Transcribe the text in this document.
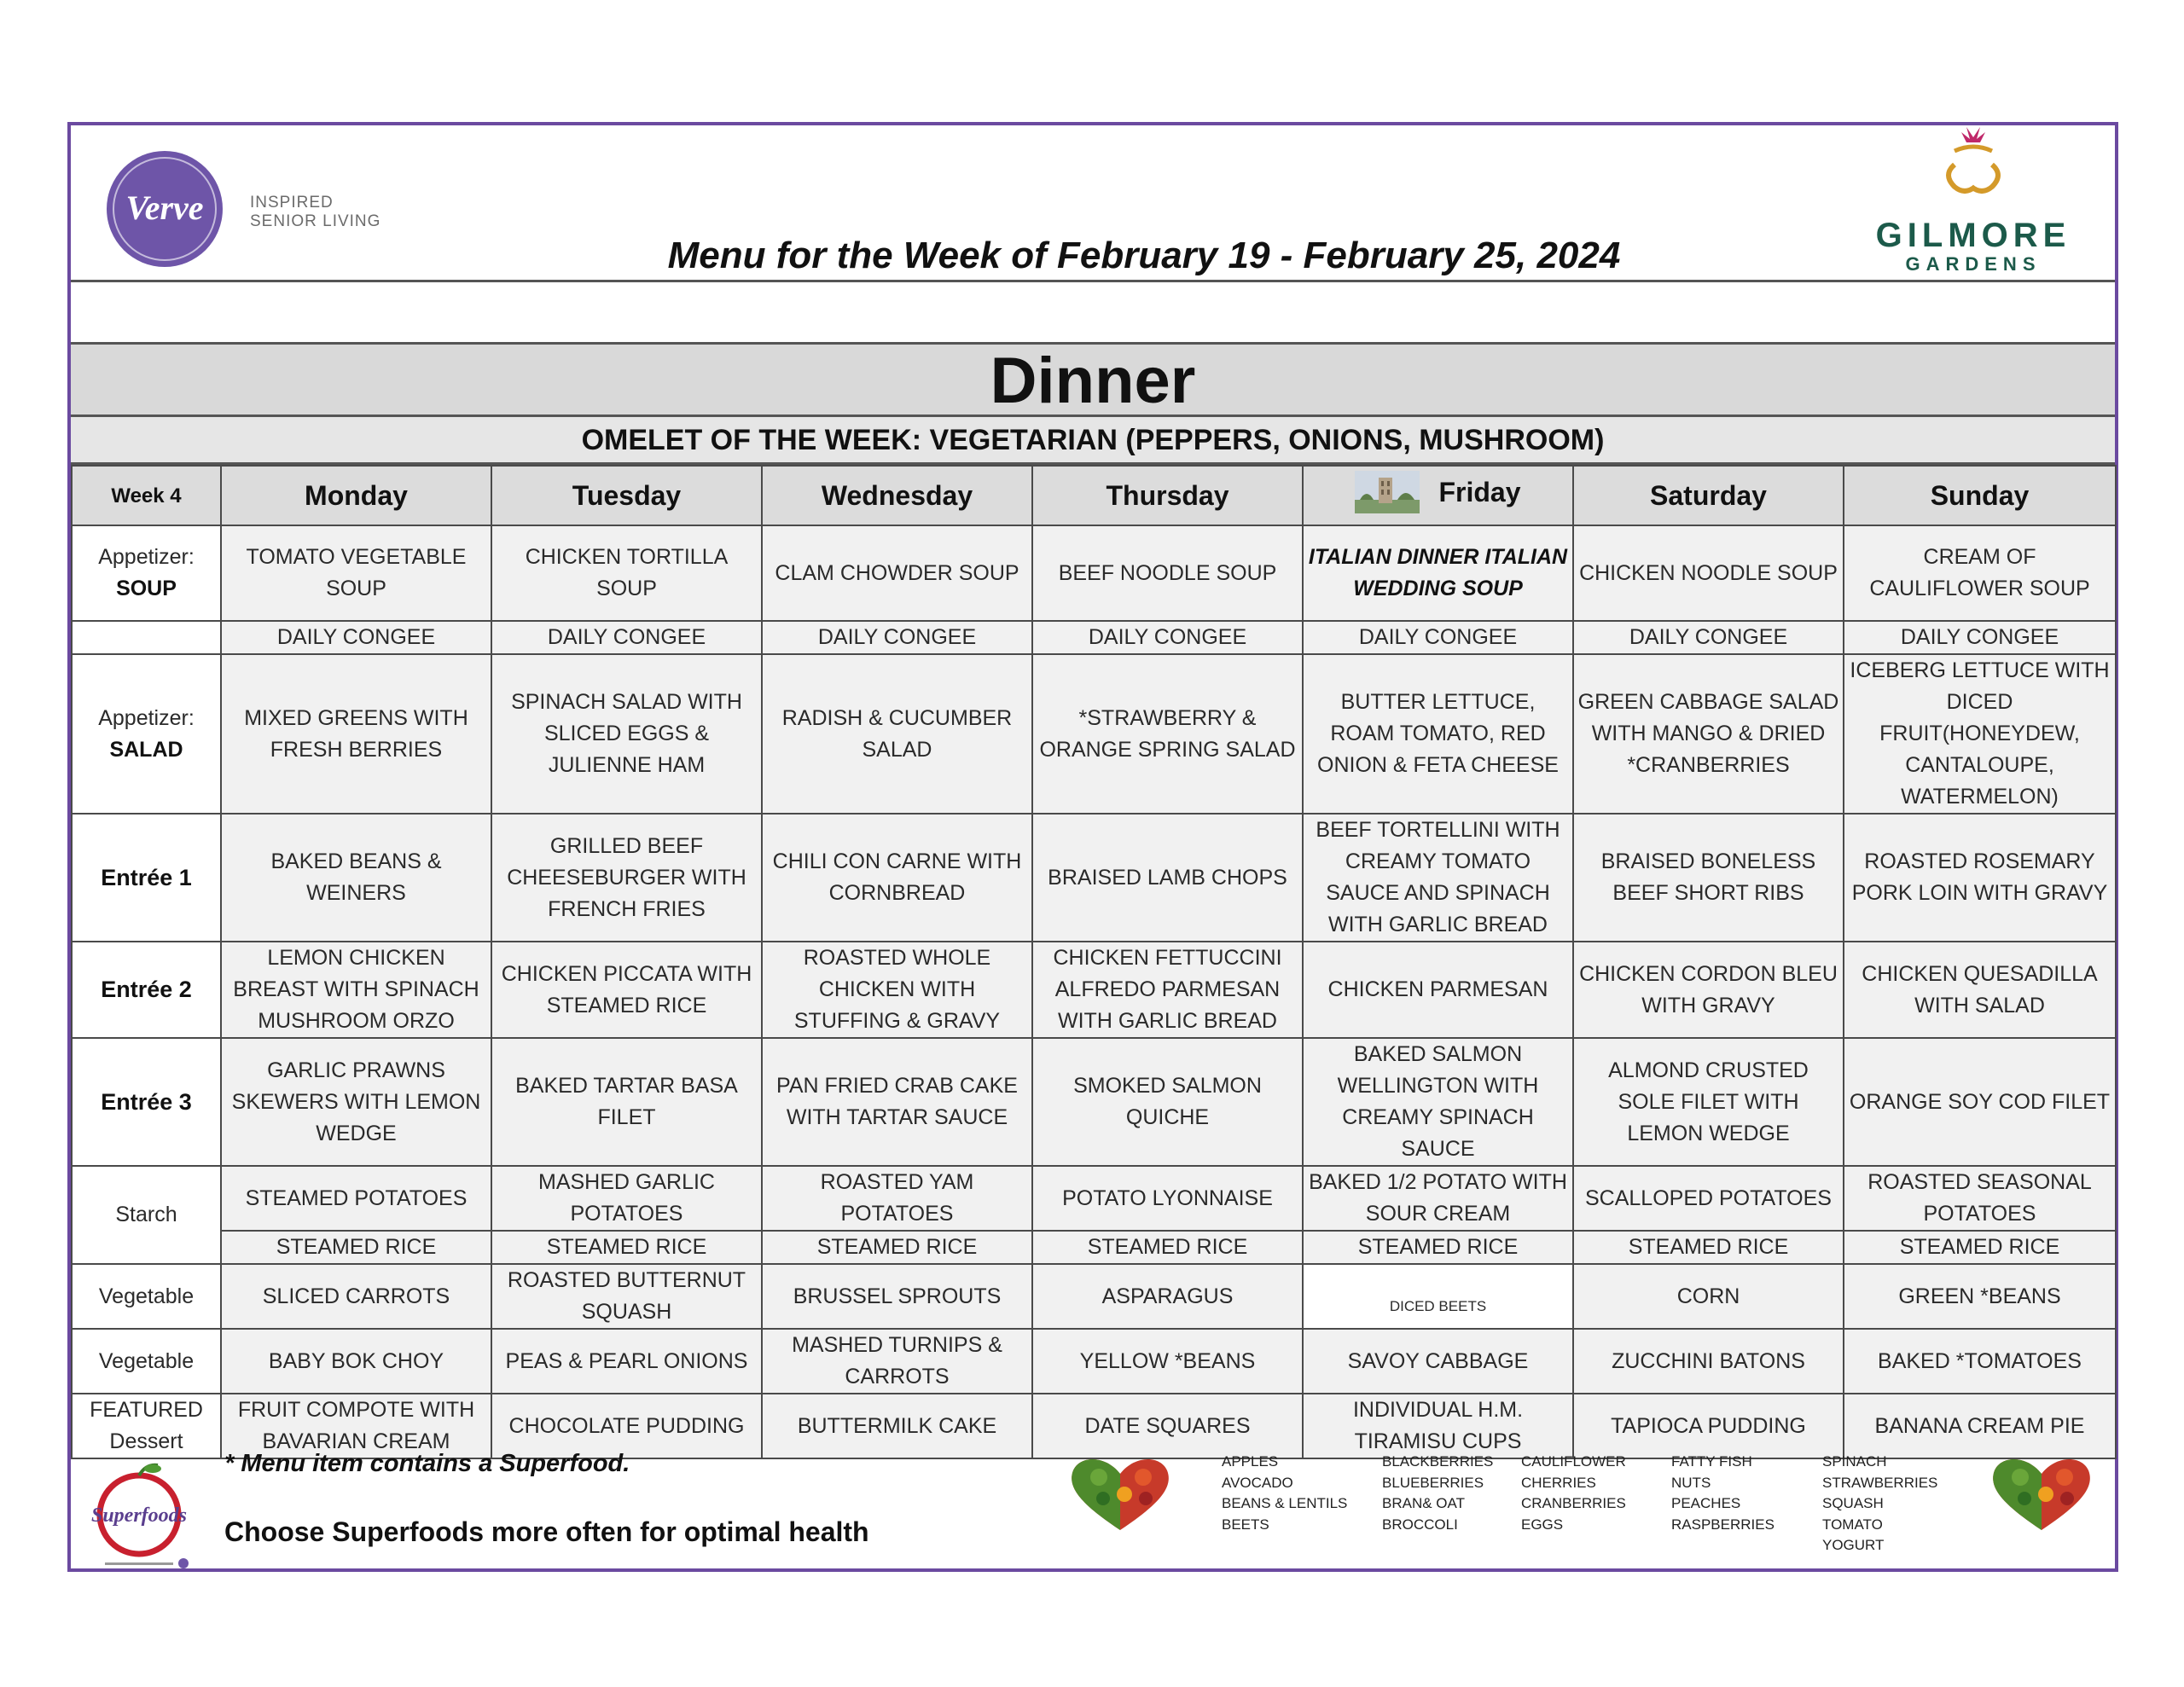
Verve	INSPIRED
SENIOR LIVING
Menu for the Week of February 19 - February 25, 2024	GILMORE
GARDENS
Dinner
OMELET OF THE WEEK: VEGETARIAN (PEPPERS, ONIONS, MUSHROOM)
Week 4	Monday	Tuesday	Wednesday	Thursday	Friday	Saturday	Sunday

Appetizer:
SOUP	TOMATO VEGETABLE SOUP	CHICKEN TORTILLA SOUP	CLAM CHOWDER SOUP	BEEF NOODLE SOUP	ITALIAN DINNER ITALIAN WEDDING SOUP	CHICKEN NOODLE SOUP	CREAM OF CAULIFLOWER SOUP
	DAILY CONGEE	DAILY CONGEE	DAILY CONGEE	DAILY CONGEE	DAILY CONGEE	DAILY CONGEE	DAILY CONGEE

Appetizer:
SALAD	MIXED GREENS WITH FRESH BERRIES	SPINACH SALAD WITH SLICED EGGS & JULIENNE HAM	RADISH & CUCUMBER SALAD	*STRAWBERRY & ORANGE SPRING SALAD	BUTTER LETTUCE, ROAM TOMATO, RED ONION & FETA CHEESE	GREEN CABBAGE SALAD WITH MANGO & DRIED *CRANBERRIES	ICEBERG LETTUCE WITH DICED FRUIT(HONEYDEW, CANTALOUPE, WATERMELON)
Entrée 1	BAKED BEANS & WEINERS	GRILLED BEEF CHEESEBURGER WITH FRENCH FRIES	CHILI CON CARNE WITH CORNBREAD	BRAISED LAMB CHOPS	BEEF TORTELLINI WITH CREAMY TOMATO SAUCE AND SPINACH WITH GARLIC BREAD	BRAISED BONELESS BEEF SHORT RIBS	ROASTED ROSEMARY PORK LOIN WITH GRAVY
Entrée 2	LEMON CHICKEN BREAST WITH SPINACH MUSHROOM ORZO	CHICKEN PICCATA WITH STEAMED RICE	ROASTED WHOLE CHICKEN WITH STUFFING & GRAVY	CHICKEN FETTUCCINI ALFREDO PARMESAN WITH GARLIC BREAD	CHICKEN PARMESAN	CHICKEN CORDON BLEU WITH GRAVY	CHICKEN QUESADILLA WITH SALAD
Entrée 3	GARLIC PRAWNS SKEWERS WITH LEMON WEDGE	BAKED TARTAR BASA FILET	PAN FRIED CRAB CAKE WITH TARTAR SAUCE	SMOKED SALMON QUICHE	BAKED SALMON WELLINGTON WITH CREAMY SPINACH SAUCE	ALMOND CRUSTED SOLE FILET WITH LEMON WEDGE	ORANGE SOY COD FILET
Starch	STEAMED POTATOES	MASHED GARLIC POTATOES	ROASTED YAM POTATOES	POTATO LYONNAISE	BAKED 1/2 POTATO WITH SOUR CREAM	SCALLOPED POTATOES	ROASTED SEASONAL POTATOES
	STEAMED RICE	STEAMED RICE	STEAMED RICE	STEAMED RICE	STEAMED RICE	STEAMED RICE	STEAMED RICE
Vegetable	SLICED CARROTS	ROASTED BUTTERNUT SQUASH	BRUSSEL SPROUTS	ASPARAGUS	DICED BEETS	CORN	GREEN *BEANS
Vegetable	BABY BOK CHOY	PEAS & PEARL ONIONS	MASHED TURNIPS & CARROTS	YELLOW *BEANS	SAVOY CABBAGE	ZUCCHINI BATONS	BAKED *TOMATOES

FEATURED
Dessert	FRUIT COMPOTE WITH BAVARIAN CREAM	CHOCOLATE PUDDING	BUTTERMILK CAKE	DATE SQUARES	INDIVIDUAL H.M. TIRAMISU CUPS	TAPIOCA PUDDING	BANANA CREAM PIE
Superfoods
* Menu item contains a Superfood.
Choose Superfoods more often for optimal health
APPLES
AVOCADO
BEANS & LENTILS
BEETS
BLACKBERRIES
BLUEBERRIES
BRAN& OAT
BROCCOLI
CAULIFLOWER
CHERRIES
CRANBERRIES
EGGS
FATTY FISH
NUTS
PEACHES
RASPBERRIES
SPINACH
STRAWBERRIES
SQUASH
TOMATO
YOGURT
